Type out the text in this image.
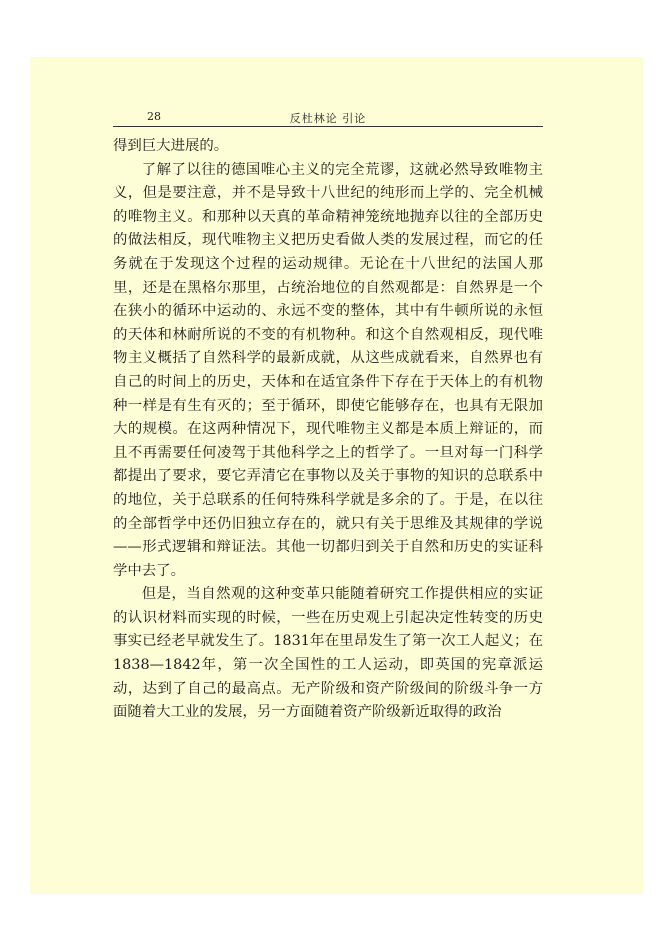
28	反杜林论 引论

得到巨大进展的。

了解了以往的德国唯心主义的完全荒谬，这就必然导致唯物主义，但是要注意，并不是导致十八世纪的纯形而上学的、完全机械的唯物主义。和那种以天真的革命精神笼统地抛弃以往的全部历史的做法相反，现代唯物主义把历史看做人类的发展过程，而它的任务就在于发现这个过程的运动规律。无论在十八世纪的法国人那里，还是在黑格尔那里，占统治地位的自然观都是：自然界是一个在狭小的循环中运动的、永远不变的整体，其中有牛顿所说的永恒的天体和林耐所说的不变的有机物种。和这个自然观相反，现代唯物主义概括了自然科学的最新成就，从这些成就看来，自然界也有自己的时间上的历史，天体和在适宜条件下存在于天体上的有机物种一样是有生有灭的；至于循环，即使它能够存在，也具有无限加大的规模。在这两种情况下，现代唯物主义都是本质上辩证的，而且不再需要任何凌驾于其他科学之上的哲学了。一旦对每一门科学都提出了要求，要它弄清它在事物以及关于事物的知识的总联系中的地位，关于总联系的任何特殊科学就是多余的了。于是，在以往的全部哲学中还仍旧独立存在的，就只有关于思维及其规律的学说——形式逻辑和辩证法。其他一切都归到关于自然和历史的实证科学中去了。

但是，当自然观的这种变革只能随着研究工作提供相应的实证的认识材料而实现的时候，一些在历史观上引起决定性转变的历史事实已经老早就发生了。1831年在里昂发生了第一次工人起义；在1838—1842年，第一次全国性的工人运动，即英国的宪章派运动，达到了自己的最高点。无产阶级和资产阶级间的阶级斗争一方面随着大工业的发展，另一方面随着资产阶级新近取得的政治
